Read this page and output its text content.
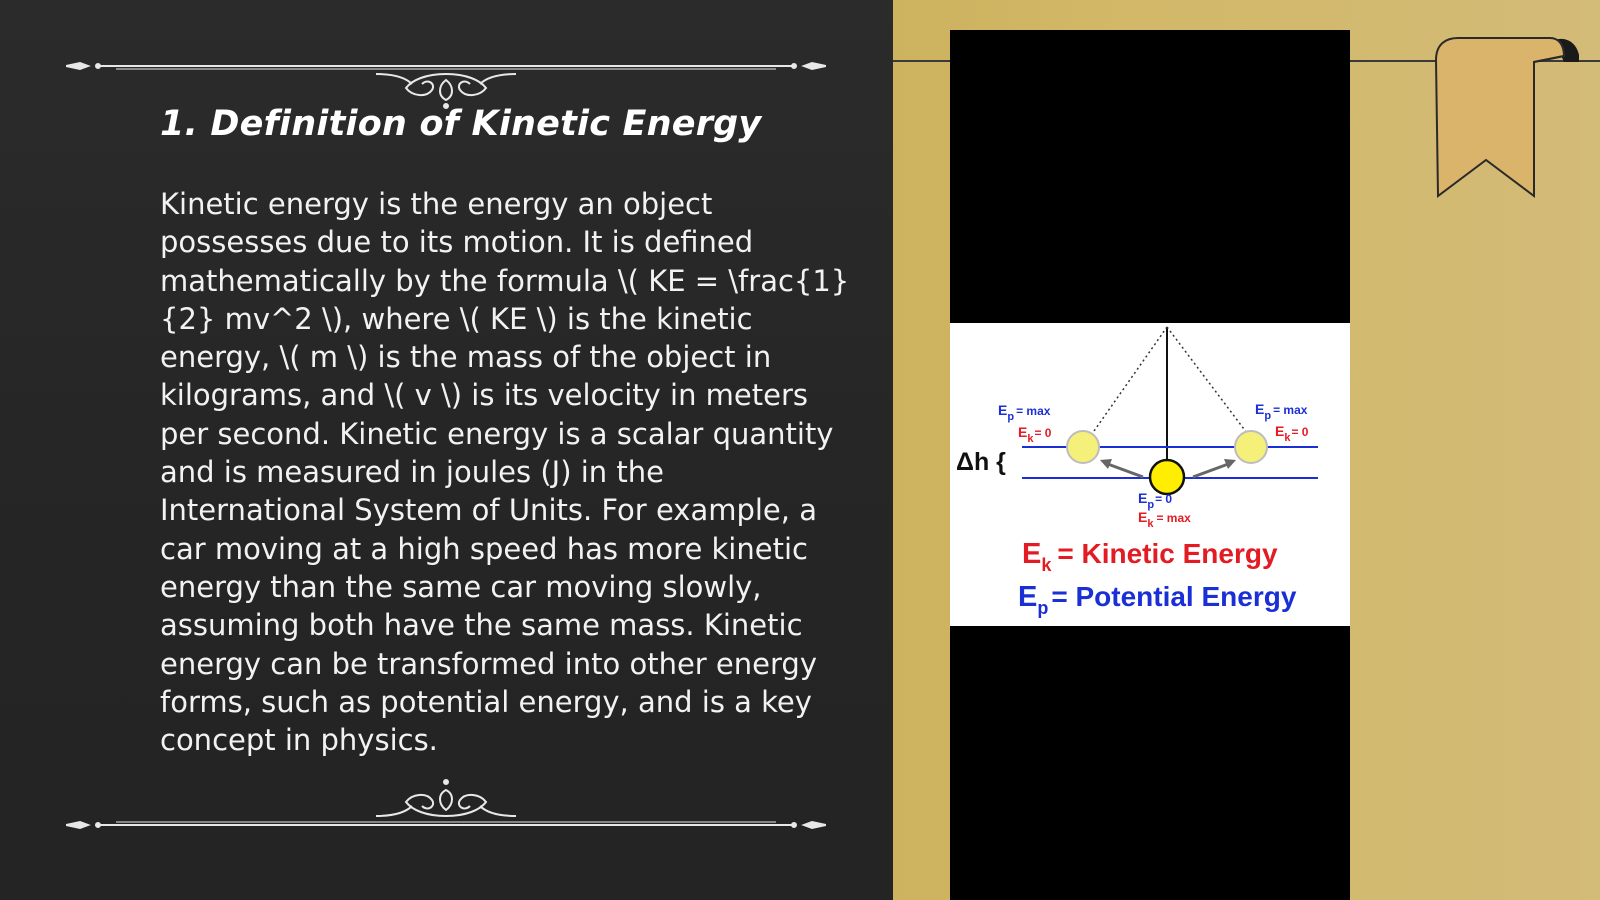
1. Definition of Kinetic Energy

Kinetic energy is the energy an object possesses due to its motion. It is defined mathematically by the formula \( KE = \frac{1}{2} mv^2 \), where \( KE \) is the kinetic energy, \( m \) is the mass of the object in kilograms, and \( v \) is its velocity in meters per second. Kinetic energy is a scalar quantity and is measured in joules (J) in the International System of Units. For example, a car moving at a high speed has more kinetic energy than the same car moving slowly, assuming both have the same mass. Kinetic energy can be transformed into other energy forms, such as potential energy, and is a key concept in physics.

Δh {
$E_p = \max$
$E_k= 0$
$E_p = \max$
$E_k= 0$
$E_p= 0$
$E_k = \max$
$E_k$ = Kinetic Energy
$E_p$ = Potential Energy
